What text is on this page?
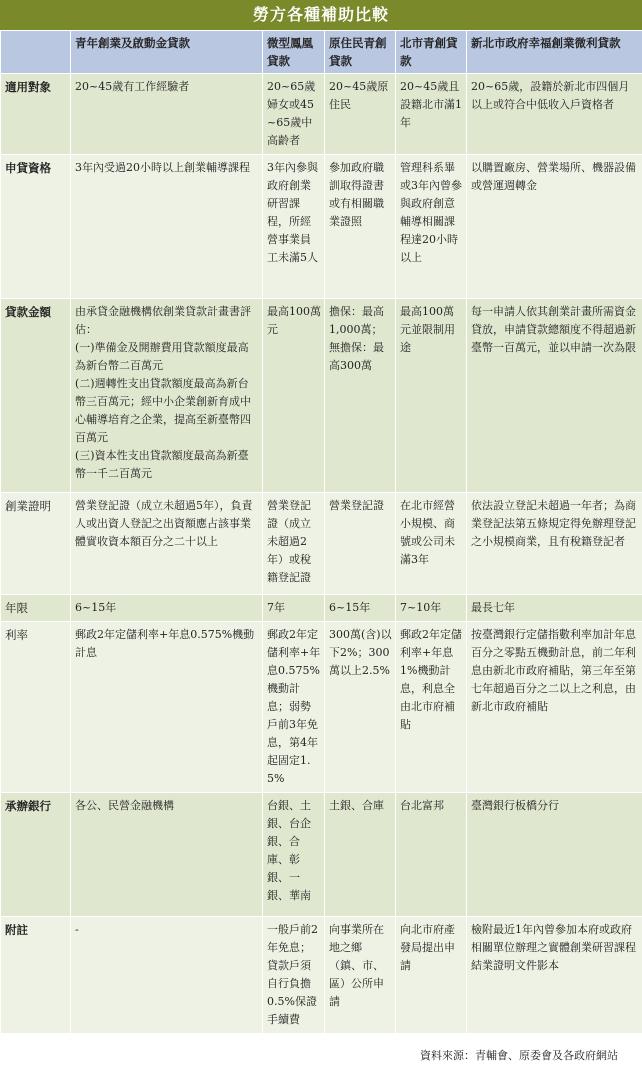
勞方各種補助比較
	青年創業及啟動金貸款	微型鳳凰貸款	原住民青創貸款	北市青創貸款	新北市政府幸福創業微利貸款
適用對象	20~45歲有工作經驗者	20~65歲婦女或45~65歲中高齡者	20~45歲原住民	20~45歲且設籍北市滿1年	20~65歲，設籍於新北市四個月以上或符合中低收入戶資格者
申貸資格	3年內受過20小時以上創業輔導課程	3年內參與政府創業研習課程，所經營事業員工未滿5人	參加政府職訓取得證書或有相關職業證照	管理科系畢或3年內曾參與政府創意輔導相關課程達20小時以上	以購置廠房、營業場所、機器設備或營運週轉金
貸款金額	由承貸金融機構依創業貸款計畫書評估：
(一)準備金及開辦費用貸款額度最高為新台幣二百萬元
(二)週轉性支出貸款額度最高為新台幣三百萬元；經中小企業創新育成中心輔導培育之企業，提高至新臺幣四百萬元
(三)資本性支出貸款額度最高為新臺幣一千二百萬元	最高100萬元	擔保：最高1,000萬；無擔保：最高300萬	最高100萬元並限制用途	每一申請人依其創業計畫所需資金貸放，申請貸款總額度不得超過新臺幣一百萬元，並以申請一次為限
創業證明	營業登記證（成立未超過5年），負責人或出資人登記之出資額應占該事業體實收資本額百分之二十以上	營業登記證（成立未超過2年）或稅籍登記證	營業登記證	在北市經營小規模、商號或公司未滿3年	依法設立登記未超過一年者；為商業登記法第五條規定得免辦理登記之小規模商業，且有稅籍登記者
年限	6~15年	7年	6~15年	7~10年	最長七年
利率	郵政2年定儲利率+年息0.575%機動計息	郵政2年定儲利率+年息0.575%機動計息；弱勢戶前3年免息，第4年起固定1.5%	300萬(含)以下2%；300萬以上2.5%	郵政2年定儲利率+年息1%機動計息，利息全由北市府補貼	按臺灣銀行定儲指數利率加計年息百分之零點五機動計息，前二年利息由新北市政府補貼，第三年至第七年超過百分之二以上之利息，由新北市政府補貼
承辦銀行	各公、民營金融機構	台銀、土銀、台企銀、合庫、彰銀、一銀、華南	土銀、合庫	台北富邦	臺灣銀行板橋分行
附註	-	一般戶前2年免息；貸款戶須自行負擔0.5%保證手續費	向事業所在地之鄉（鎮、市、區）公所申請	向北市府產發局提出申請	檢附最近1年內曾參加本府或政府相關單位辦理之實體創業研習課程結業證明文件影本
資料來源：青輔會、原委會及各政府網站
